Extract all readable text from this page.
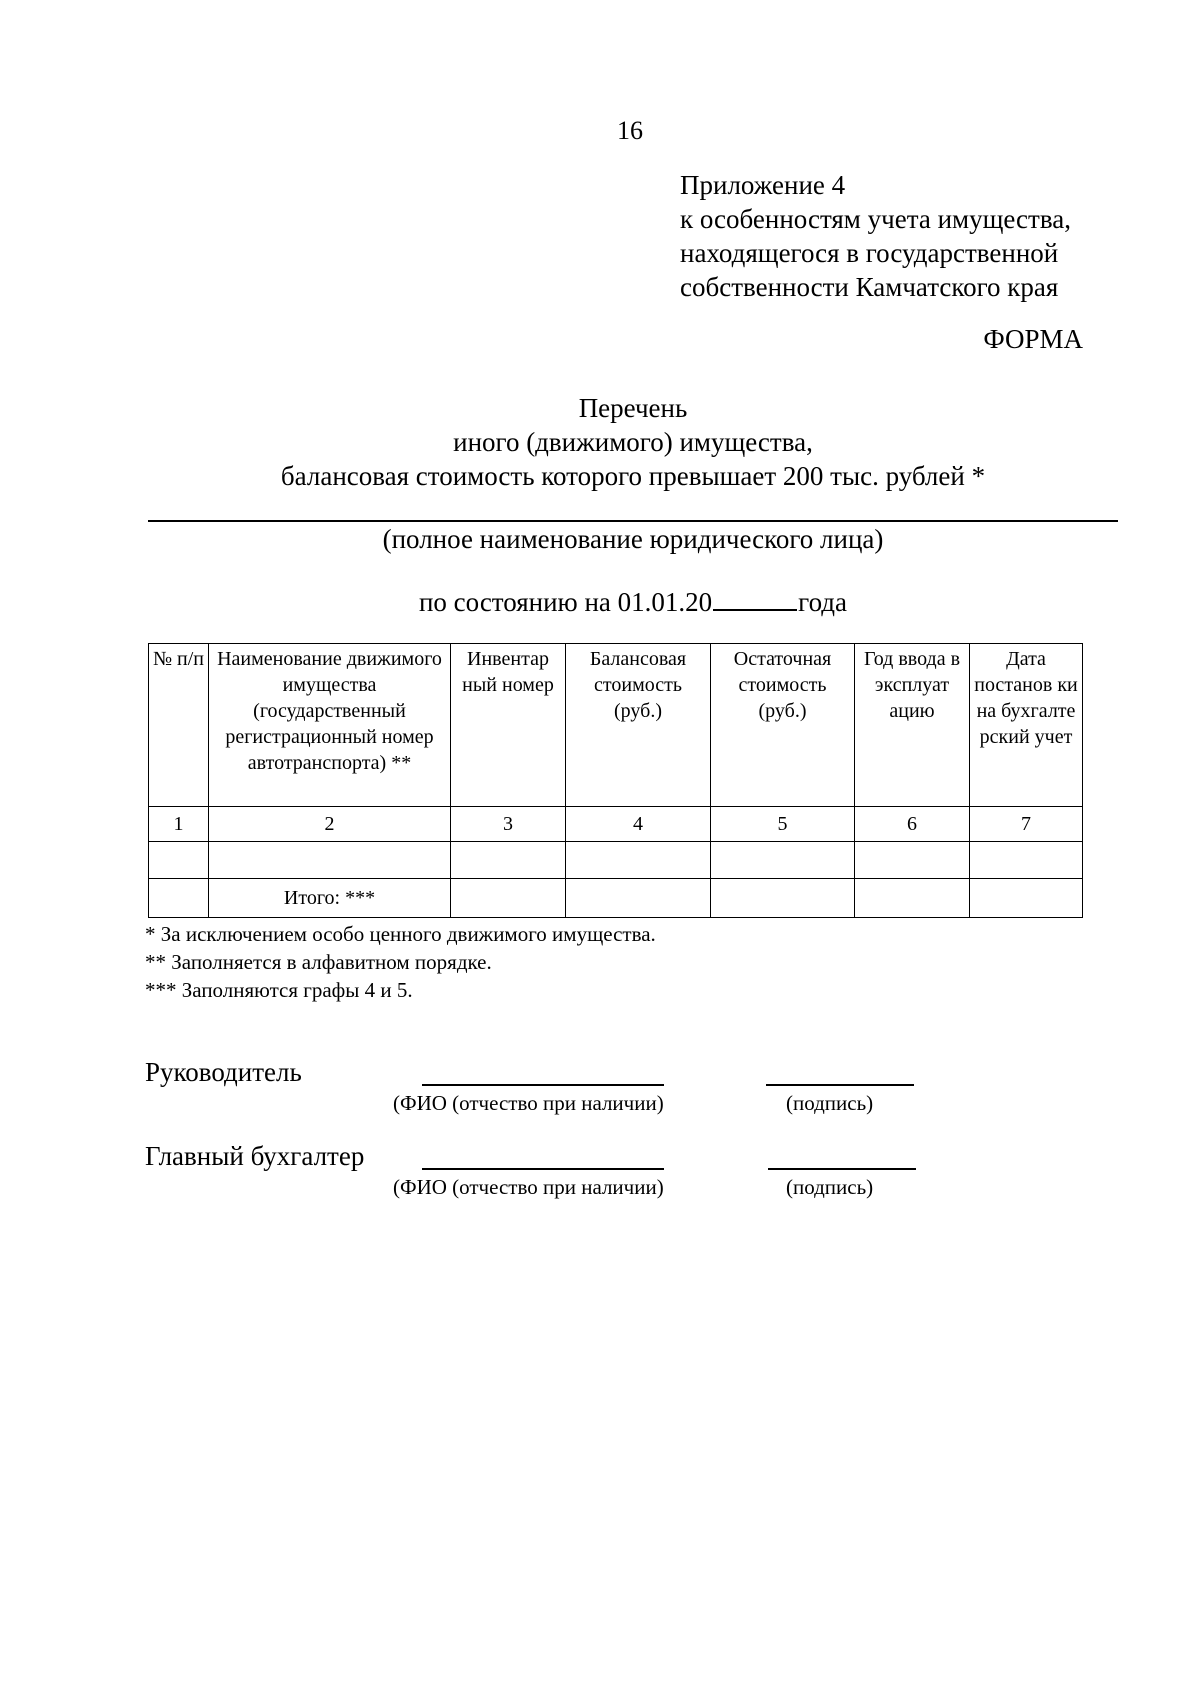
16
Приложение 4
к особенностям учета имущества,
находящегося в государственной
собственности Камчатского края
ФОРМА
Перечень
иного (движимого) имущества,
балансовая стоимость которого превышает 200 тыс. рублей *
(полное наименование юридического лица)
по состоянию на 01.01.20	года
№ п/п	Наименование движимого имущества (государственный регистрационный номер автотранспорта) **	Инвентар ный номер	Балансовая стоимость (руб.)	Остаточная стоимость (руб.)	Год ввода в эксплуат ацию	Дата постанов ки на бухгалте рский учет
1	2	3	4	5	6	7

	Итого: ***					
* За исключением особо ценного движимого имущества.
** Заполняется в алфавитном порядке.
*** Заполняются графы 4 и 5.
Руководитель
(ФИО (отчество при наличии)	(подпись)
Главный бухгалтер
(ФИО (отчество при наличии)	(подпись)
